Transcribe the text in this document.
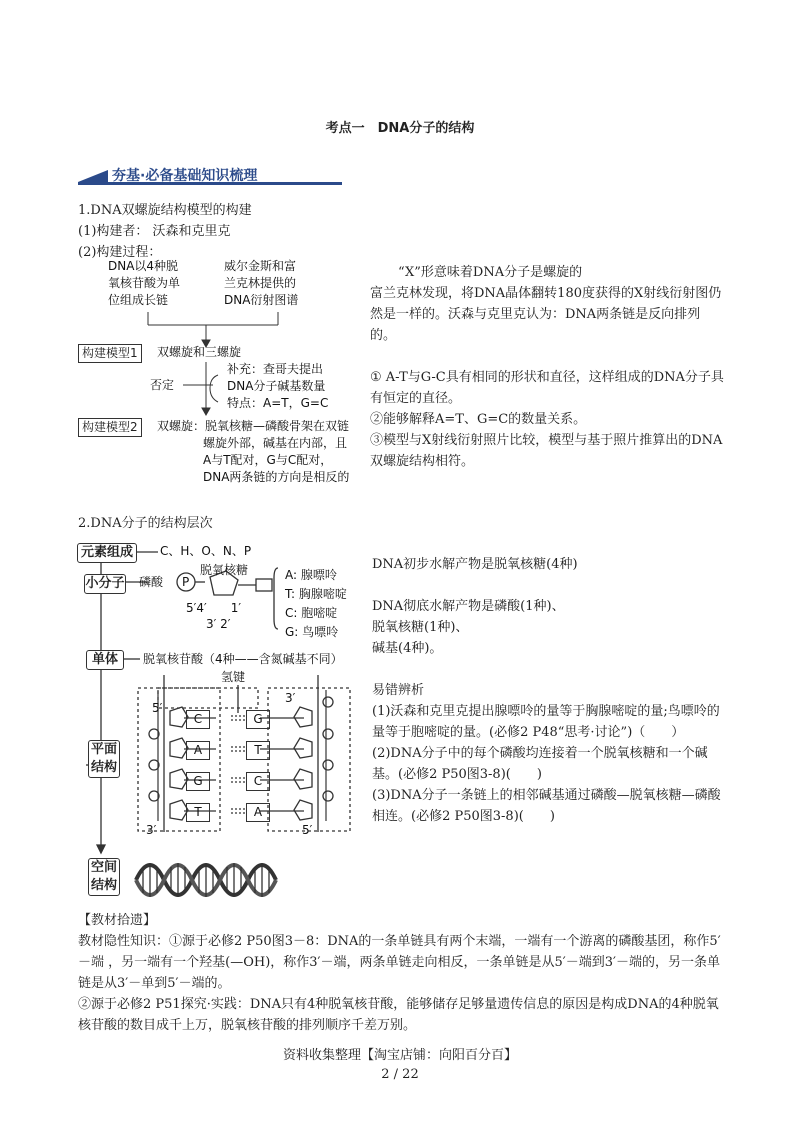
考点一　DNA分子的结构
夯基·必备基础知识梳理
1.DNA双螺旋结构模型的构建
(1)构建者： 沃森和克里克
(2)构建过程：
DNA以4种脱
氧核苷酸为单
位组成长链
威尔金斯和富
兰克林提供的
DNA衍射图谱
构建模型1	双螺旋和三螺旋
否定
补充：查哥夫提出
DNA分子碱基数量
特点：A=T，G=C
构建模型2	双螺旋：脱氧核糖—磷酸骨架在双链
螺旋外部，碱基在内部，且
A与T配对，G与C配对，
DNA两条链的方向是相反的

“X”形意味着DNA分子是螺旋的

富兰克林发现，将DNA晶体翻转180度获得的X射线衍射图仍然是一样的。沃森与克里克认为：DNA两条链是反向排列的。

① A-T与G-C具有相同的形状和直径，这样组成的DNA分子具有恒定的直径。

②能够解释A=T、G=C的数量关系。

③模型与X射线衍射照片比较，模型与基于照片推算出的DNA双螺旋结构相符。

2.DNA分子的结构层次
元素组成	C、H、O、N、P
小分子 磷酸 P
脱氧核糖
5′4′　　1′
3′ 2′
A: 腺嘌呤
T: 胸腺嘧啶
C: 胞嘧啶
G: 鸟嘌呤
单体	脱氧核苷酸（4种——含氮碱基不同）
氢键
平面结构
5′
3′
3′	5′
C	G
A	T
G	C
T	A
空间结构

DNA初步水解产物是脱氧核糖(4种)

DNA彻底水解产物是磷酸(1种)、

脱氧核糖(1种)、

碱基(4种)。

易错辨析

(1)沃森和克里克提出腺嘌呤的量等于胸腺嘧啶的量;鸟嘌呤的量等于胞嘧啶的量。(必修2 P48“思考·讨论”)（　　）

(2)DNA分子中的每个磷酸均连接着一个脱氧核糖和一个碱基。(必修2 P50图3-8)(　　)

(3)DNA分子一条链上的相邻碱基通过磷酸—脱氧核糖—磷酸相连。(必修2 P50图3-8)(　　)

【教材拾遗】
教材隐性知识：①源于必修2 P50图3－8：DNA的一条单链具有两个末端，一端有一个游离的磷酸基团，称作5′－端 ，另一端有一个羟基(—OH)，称作3′－端，两条单链走向相反，一条单链是从5′－端到3′－端的，另一条单链是从3′－单到5′－端的。
②源于必修2 P51探究·实践：DNA只有4种脱氧核苷酸，能够储存足够量遗传信息的原因是构成DNA的4种脱氧核苷酸的数目成千上万，脱氧核苷酸的排列顺序千差万别。
资料收集整理【淘宝店铺：向阳百分百】
2 / 22
